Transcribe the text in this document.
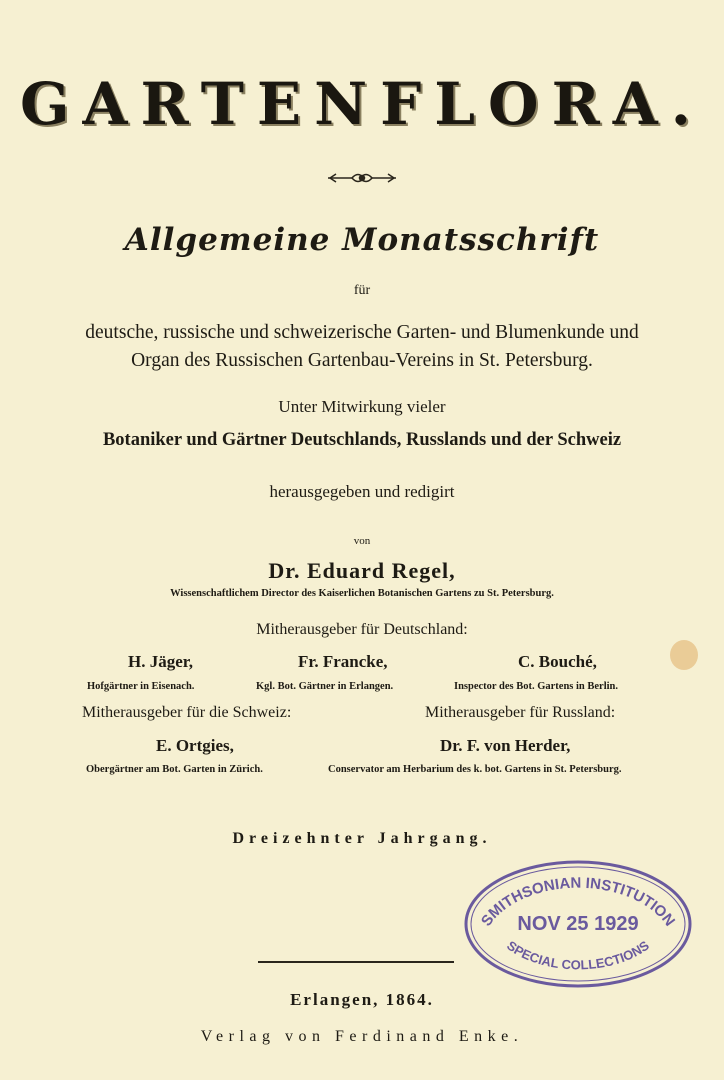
GARTENFLORA.
Allgemeine Monatsschrift
für
deutsche, russische und schweizerische Garten- und Blumenkunde und
Organ des Russischen Gartenbau-Vereins in St. Petersburg.
Unter Mitwirkung vieler
Botaniker und Gärtner Deutschlands, Russlands und der Schweiz
herausgegeben und redigirt
von
Dr. Eduard Regel,
Wissenschaftlichem Director des Kaiserlichen Botanischen Gartens zu St. Petersburg.
Mitherausgeber für Deutschland:
H. Jäger,
Hofgärtner in Eisenach.
Fr. Francke,
Kgl. Bot. Gärtner in Erlangen.
C. Bouché,
Inspector des Bot. Gartens in Berlin.
Mitherausgeber für die Schweiz:	Mitherausgeber für Russland:
E. Ortgies,
Obergärtner am Bot. Garten in Zürich.
Dr. F. von Herder,
Conservator am Herbarium des k. bot. Gartens in St. Petersburg.
Dreizehnter Jahrgang.
Erlangen, 1864.
Verlag von Ferdinand Enke.
SMITHSONIAN INSTITUTION
NOV 25 1929
SPECIAL COLLECTIONS
